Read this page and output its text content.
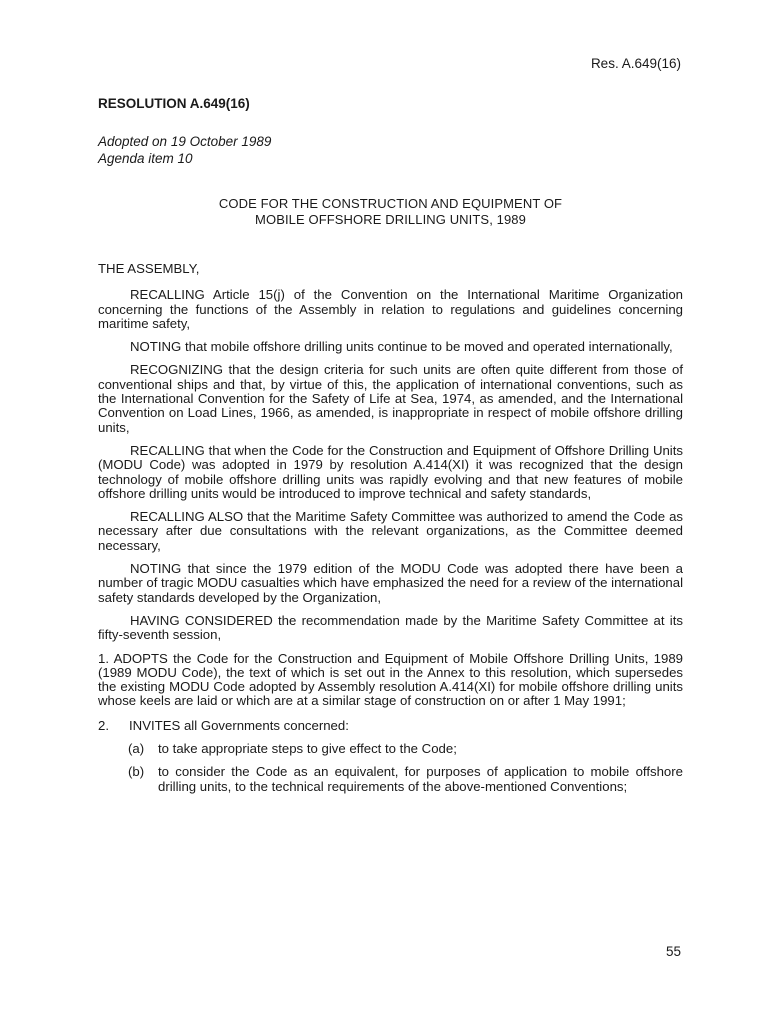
Res. A.649(16)
RESOLUTION A.649(16)
Adopted on 19 October 1989
Agenda item 10
CODE FOR THE CONSTRUCTION AND EQUIPMENT OF
MOBILE OFFSHORE DRILLING UNITS, 1989

THE ASSEMBLY,

RECALLING Article 15(j) of the Convention on the International Maritime Organization concerning the functions of the Assembly in relation to regulations and guidelines concerning maritime safety,

NOTING that mobile offshore drilling units continue to be moved and operated internationally,

RECOGNIZING that the design criteria for such units are often quite different from those of conventional ships and that, by virtue of this, the application of international conventions, such as the International Convention for the Safety of Life at Sea, 1974, as amended, and the International Convention on Load Lines, 1966, as amended, is inappropriate in respect of mobile offshore drilling units,

RECALLING that when the Code for the Construction and Equipment of Offshore Drilling Units (MODU Code) was adopted in 1979 by resolution A.414(XI) it was recognized that the design technology of mobile offshore drilling units was rapidly evolving and that new features of mobile offshore drilling units would be introduced to improve technical and safety standards,

RECALLING ALSO that the Maritime Safety Committee was authorized to amend the Code as necessary after due consultations with the relevant organizations, as the Committee deemed necessary,

NOTING that since the 1979 edition of the MODU Code was adopted there have been a number of tragic MODU casualties which have emphasized the need for a review of the international safety standards developed by the Organization,

HAVING CONSIDERED the recommendation made by the Maritime Safety Committee at its fifty-seventh session,

1. ADOPTS the Code for the Construction and Equipment of Mobile Offshore Drilling Units, 1989 (1989 MODU Code), the text of which is set out in the Annex to this resolution, which supersedes the existing MODU Code adopted by Assembly resolution A.414(XI) for mobile offshore drilling units whose keels are laid or which are at a similar stage of construction on or after 1 May 1991;

2.	INVITES all Governments concerned:
(a)	to take appropriate steps to give effect to the Code;
(b)	to consider the Code as an equivalent, for purposes of application to mobile offshore drilling units, to the technical requirements of the above-mentioned Conventions;
55
